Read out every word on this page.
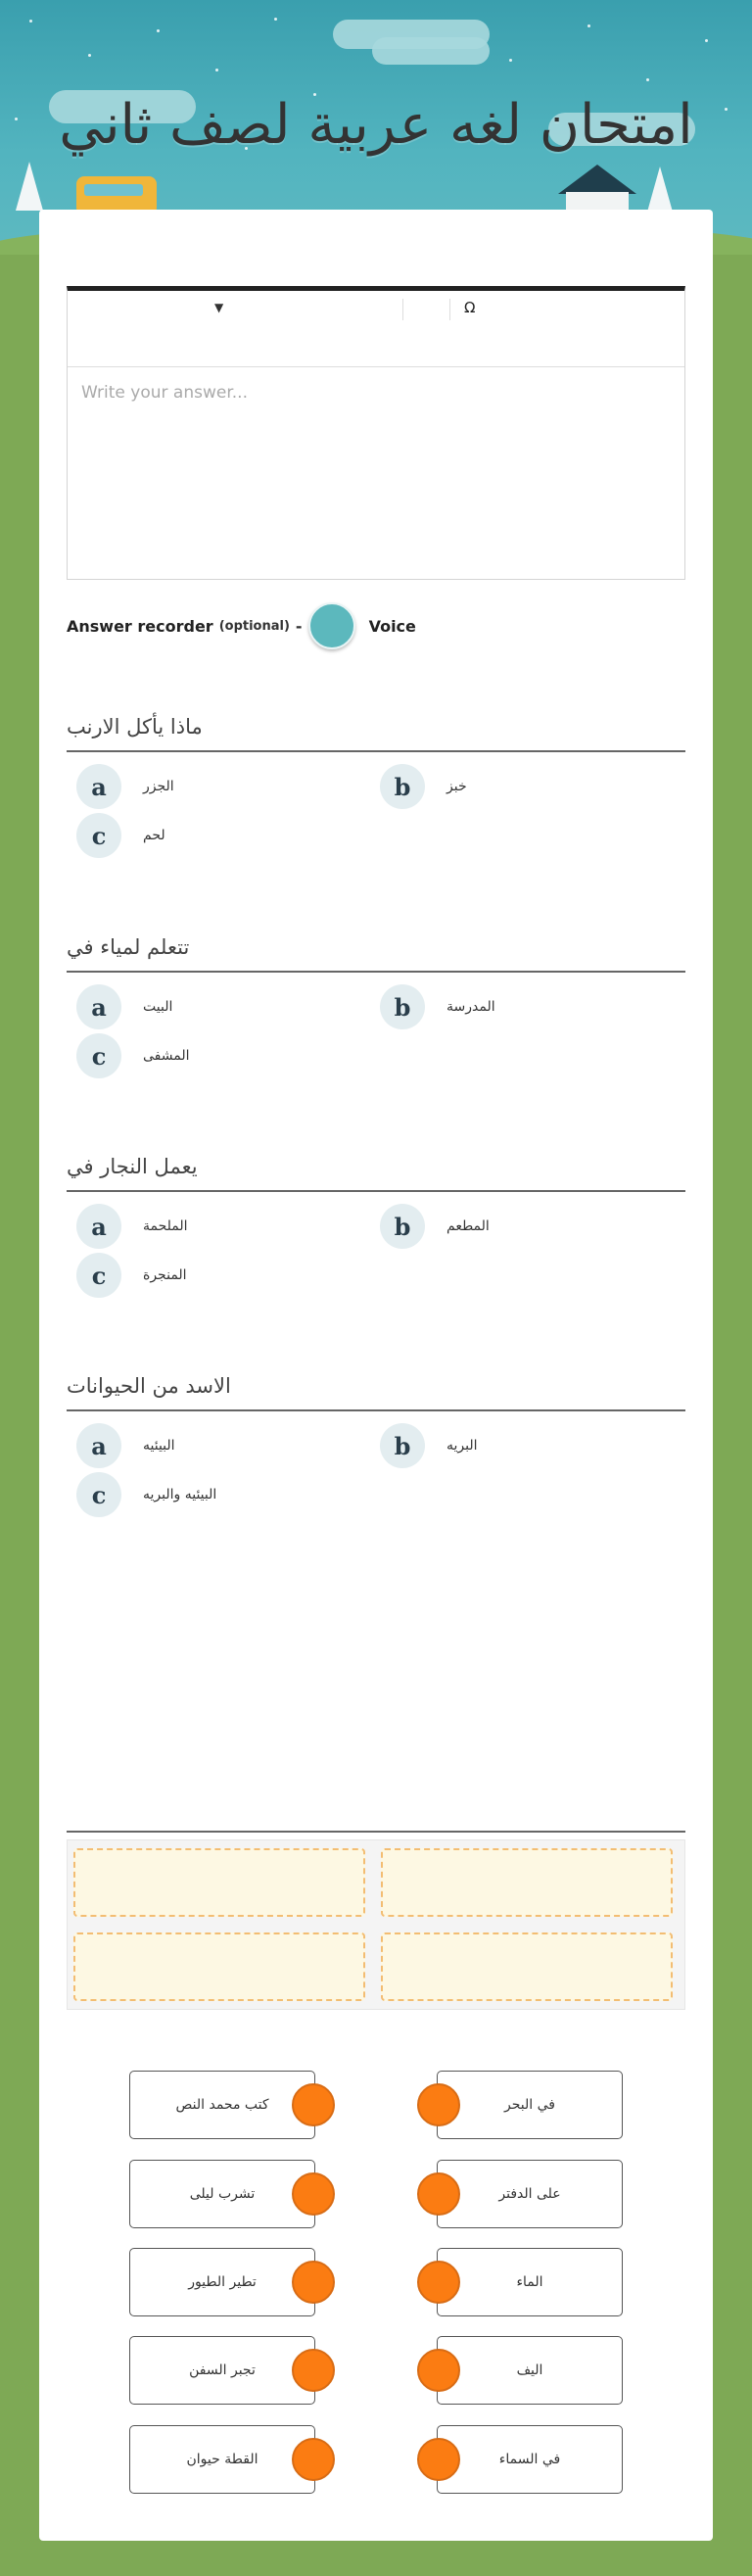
امتحان لغه عربية لصف ثاني
▼	Ω
Write your answer...
Answer recorder (optional) -	Voice
ماذا يأكل الارنب
a	الجزر	b	خبز
c	لحم
تتعلم لمياء في
a	البيت	b	المدرسة
c	المشفى
يعمل النجار في
a	الملحمة	b	المطعم
c	المنجرة
الاسد من الحيوانات
a	البيئيه	b	البريه
c	البيئيه والبريه
كتب محمد النص	في البحر
تشرب ليلى	على الدفتر
تطير الطيور	الماء
تجبر السفن	اليف
القطة حيوان	في السماء
